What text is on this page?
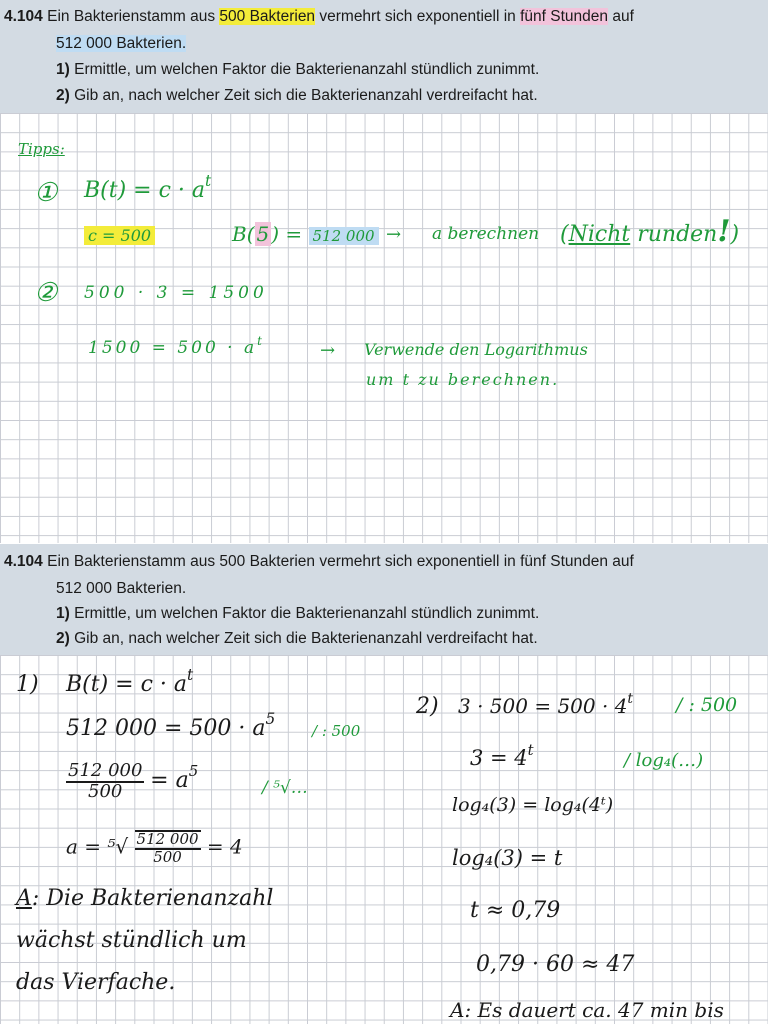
4.104 Ein Bakterienstamm aus 500 Bakterien vermehrt sich exponentiell in fünf Stunden auf
512 000 Bakterien.
1) Ermittle, um welchen Faktor die Bakterienanzahl stündlich zunimmt.
2) Gib an, nach welcher Zeit sich die Bakterienanzahl verdreifacht hat.
Tipps:
① $B(t) = c \cdot a^t$
c = 500	B( 5 ) = 512 000 → a berechnen (Nicht runden!)
② 500 · 3 = 1500
$1500 = 500 \cdot a^t$	→ Verwende den Logarithmus
um t zu berechnen.
4.104 Ein Bakterienstamm aus 500 Bakterien vermehrt sich exponentiell in fünf Stunden auf
512 000 Bakterien.
1) Ermittle, um welchen Faktor die Bakterienanzahl stündlich zunimmt.
2) Gib an, nach welcher Zeit sich die Bakterienanzahl verdreifacht hat.
1) $B(t) = c \cdot a^t$
512 $000 = 500 \cdot a^5$
/ : 500
$\frac{512 000}{500} = a^5$
/ ⁵√…
$a = ^5√ \frac{512 000}{500} = 4$
A: Die Bakterienanzahl
wächst stündlich um
das Vierfache.
2) $3 \cdot 500 = 500 \cdot 4^t$ / : 500
$3 = 4^t$	/ log₄(…)
log₄(3) = log₄(4ᵗ)
log₄(3) = t
t ≈ 0,79
0,79 · 60 ≈ 47
A: Es dauert ca. 47 min bis
